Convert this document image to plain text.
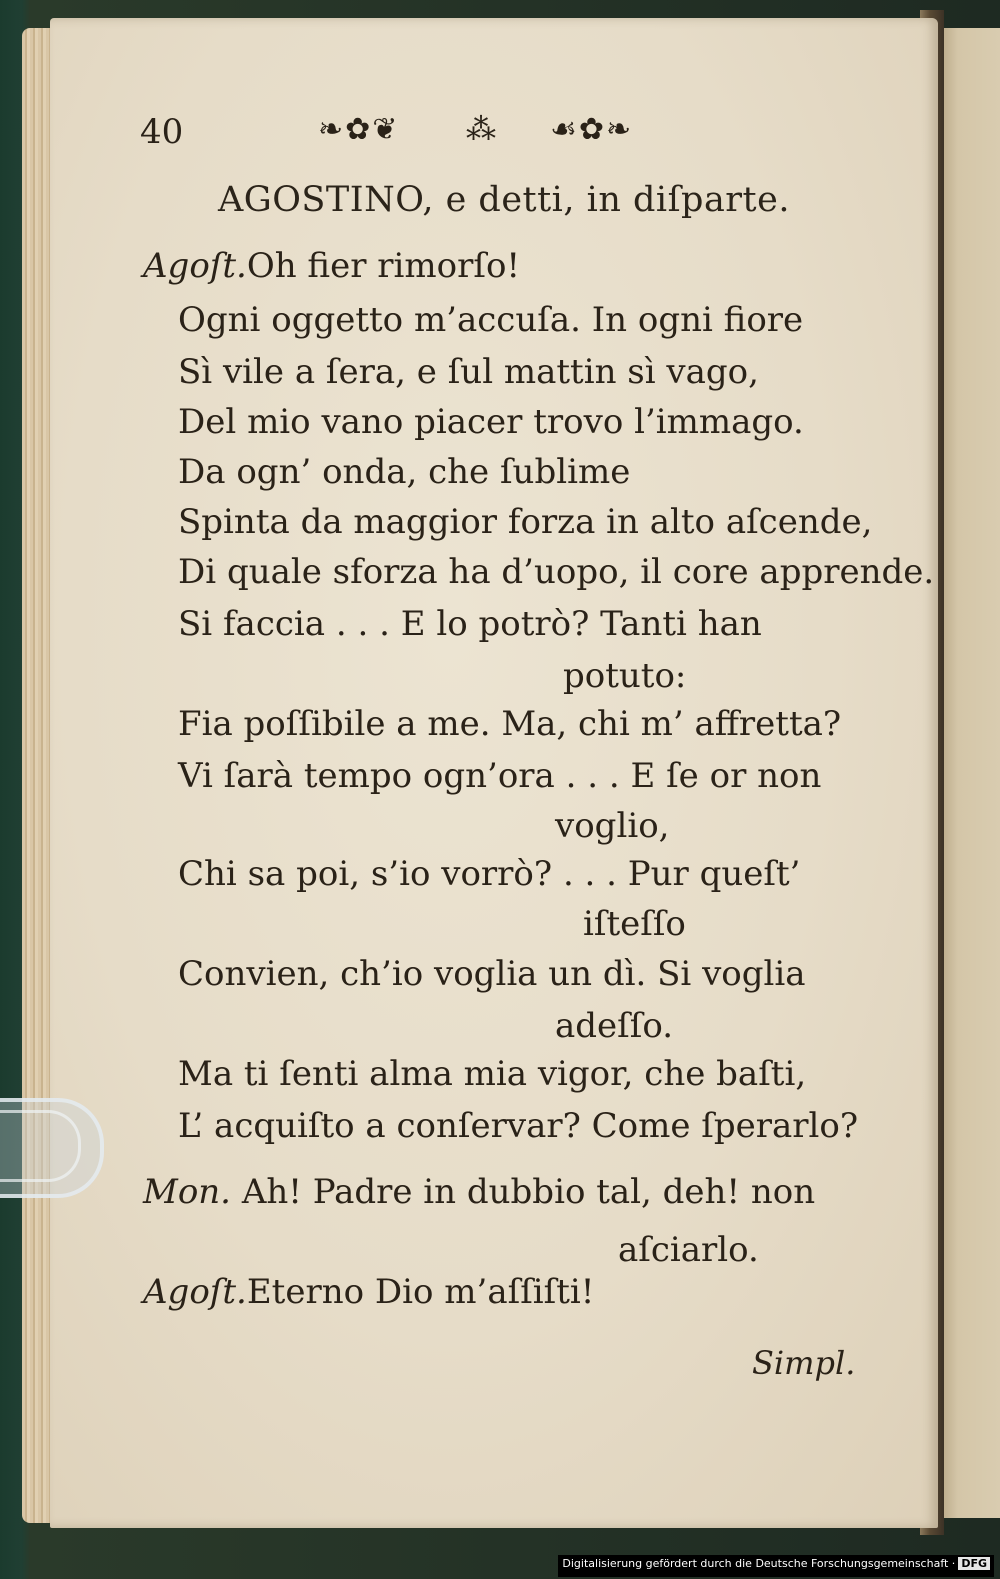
40	❧✿❦ ⁂ ☙✿❧
AGOSTINO, e detti, in diſparte.
Agoſt.Oh fier rimorſo!
Ogni oggetto m’accuſa. In ogni fiore
Sì vile a ſera, e ſul mattin sì vago,
Del mio vano piacer trovo l’immago.
Da ogn’ onda, che ſublime
Spinta da maggior forza in alto aſcende,
Di quale sforza ha d’uopo, il core apprende.
Si faccia . . . E lo potrò? Tanti han
potuto:
Fia poſſibile a me. Ma, chi m’ affretta?
Vi ſarà tempo ogn’ora . . . E ſe or non
voglio,
Chi sa poi, s’io vorrò? . . . Pur queſt’
iſteſſo
Convien, ch’io voglia un dì. Si voglia
adeſſo.
Ma ti ſenti alma mia vigor, che baſti,
L’ acquiſto a conſervar? Come ſperarlo?
Mon. Ah! Padre in dubbio tal, deh! non
aſciarlo.
Agoſt.Eterno Dio m’aſſiſti!
Simpl.
Digitalisierung gefördert durch die Deutsche Forschungsgemeinschaft · DFG
